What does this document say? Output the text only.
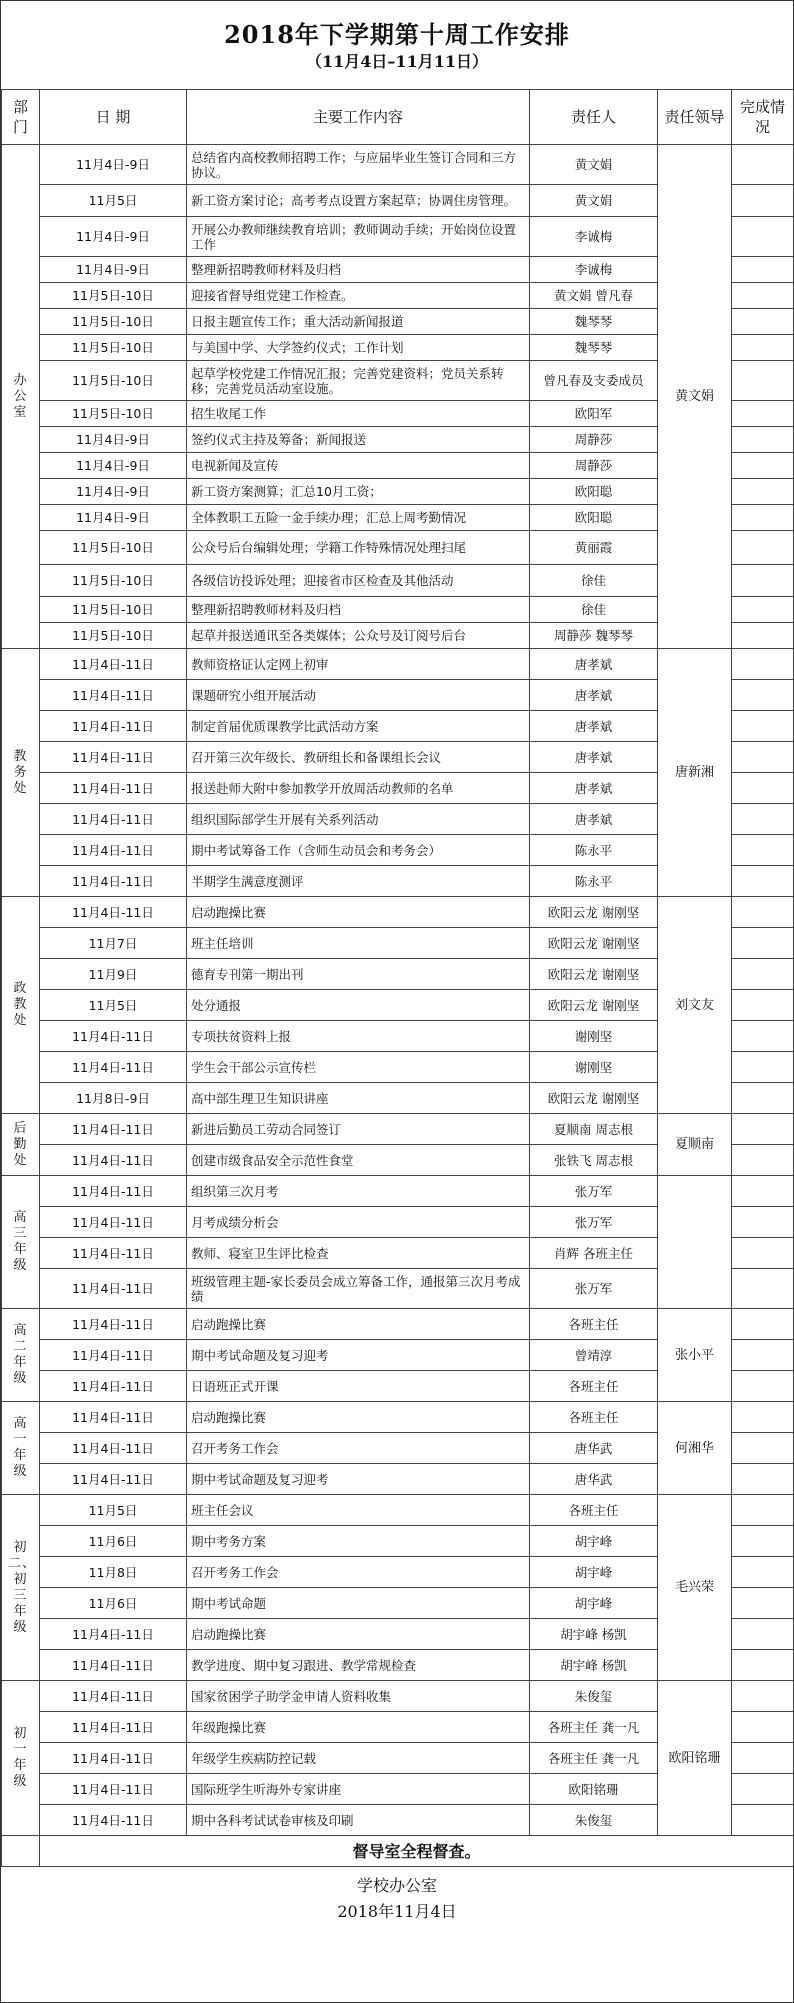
2018年下学期第十周工作安排
（11月4日–11月11日）
部门	日 期	主要工作内容	责任人	责任领导	完成情况
办公室	11月4日-9日	总结省内高校教师招聘工作；与应届毕业生签订合同和三方协议。	黄文娟	黄文娟	
	11月5日	新工资方案讨论；高考考点设置方案起草；协调住房管理。	黄文娟		
	11月4日-9日	开展公办教师继续教育培训；教师调动手续；开始岗位设置工作	李诚梅		
	11月4日-9日	整理新招聘教师材料及归档	李诚梅		
	11月5日-10日	迎接省督导组党建工作检查。	黄文娟 曾凡春		
	11月5日-10日	日报主题宣传工作；重大活动新闻报道	魏琴琴		
	11月5日-10日	与美国中学、大学签约仪式；工作计划	魏琴琴		
	11月5日-10日	起草学校党建工作情况汇报；完善党建资料；党员关系转移；完善党员活动室设施。	曾凡春及支委成员		
	11月5日-10日	招生收尾工作	欧阳军		
	11月4日-9日	签约仪式主持及筹备；新闻报送	周静莎		
	11月4日-9日	电视新闻及宣传	周静莎		
	11月4日-9日	新工资方案测算；汇总10月工资；	欧阳聪		
	11月4日-9日	全体教职工五险一金手续办理；汇总上周考勤情况	欧阳聪		
	11月5日-10日	公众号后台编辑处理；学籍工作特殊情况处理扫尾	黄丽霞		
	11月5日-10日	各级信访投诉处理；迎接省市区检查及其他活动	徐佳		
	11月5日-10日	整理新招聘教师材料及归档	徐佳		
	11月5日-10日	起草并报送通讯至各类媒体；公众号及订阅号后台	周静莎 魏琴琴		
教务处	11月4日-11日	教师资格证认定网上初审	唐孝斌	唐新湘	
	11月4日-11日	课题研究小组开展活动	唐孝斌		
	11月4日-11日	制定首届优质课教学比武活动方案	唐孝斌		
	11月4日-11日	召开第三次年级长、教研组长和备课组长会议	唐孝斌		
	11月4日-11日	报送赴师大附中参加教学开放周活动教师的名单	唐孝斌		
	11月4日-11日	组织国际部学生开展有关系列活动	唐孝斌		
	11月4日-11日	期中考试筹备工作（含师生动员会和考务会）	陈永平		
	11月4日-11日	半期学生满意度测评	陈永平		
政教处	11月4日-11日	启动跑操比赛	欧阳云龙 谢刚坚	刘文友	
	11月7日	班主任培训	欧阳云龙 谢刚坚		
	11月9日	德育专刊第一期出刊	欧阳云龙 谢刚坚		
	11月5日	处分通报	欧阳云龙 谢刚坚		
	11月4日-11日	专项扶贫资料上报	谢刚坚		
	11月4日-11日	学生会干部公示宣传栏	谢刚坚		
	11月8日-9日	高中部生理卫生知识讲座	欧阳云龙 谢刚坚		
后勤处	11月4日-11日	新进后勤员工劳动合同签订	夏顺南 周志根	夏顺南	
	11月4日-11日	创建市级食品安全示范性食堂	张铁飞 周志根		
高三年级	11月4日-11日	组织第三次月考	张万军		
	11月4日-11日	月考成绩分析会	张万军		
	11月4日-11日	教师、寝室卫生评比检查	肖辉 各班主任		
	11月4日-11日	班级管理主题-家长委员会成立筹备工作，通报第三次月考成绩	张万军		
高二年级	11月4日-11日	启动跑操比赛	各班主任	张小平	
	11月4日-11日	期中考试命题及复习迎考	曾靖淳		
	11月4日-11日	日语班正式开课	各班主任		
高一年级	11月4日-11日	启动跑操比赛	各班主任	何湘华	
	11月4日-11日	召开考务工作会	唐华武		
	11月4日-11日	期中考试命题及复习迎考	唐华武		
初二、初三年级	11月5日	班主任会议	各班主任	毛兴荣	
	11月6日	期中考务方案	胡宇峰		
	11月8日	召开考务工作会	胡宇峰		
	11月6日	期中考试命题	胡宇峰		
	11月4日-11日	启动跑操比赛	胡宇峰 杨凯		
	11月4日-11日	教学进度、期中复习跟进、教学常规检查	胡宇峰 杨凯		
初一年级	11月4日-11日	国家贫困学子助学金申请人资料收集	朱俊玺	欧阳铭珊	
	11月4日-11日	年级跑操比赛	各班主任 龚一凡		
	11月4日-11日	年级学生疾病防控记载	各班主任 龚一凡		
	11月4日-11日	国际班学生听海外专家讲座	欧阳铭珊		
	11月4日-11日	期中各科考试试卷审核及印刷	朱俊玺		
	督导室全程督查。				
学校办公室
2018年11月4日
